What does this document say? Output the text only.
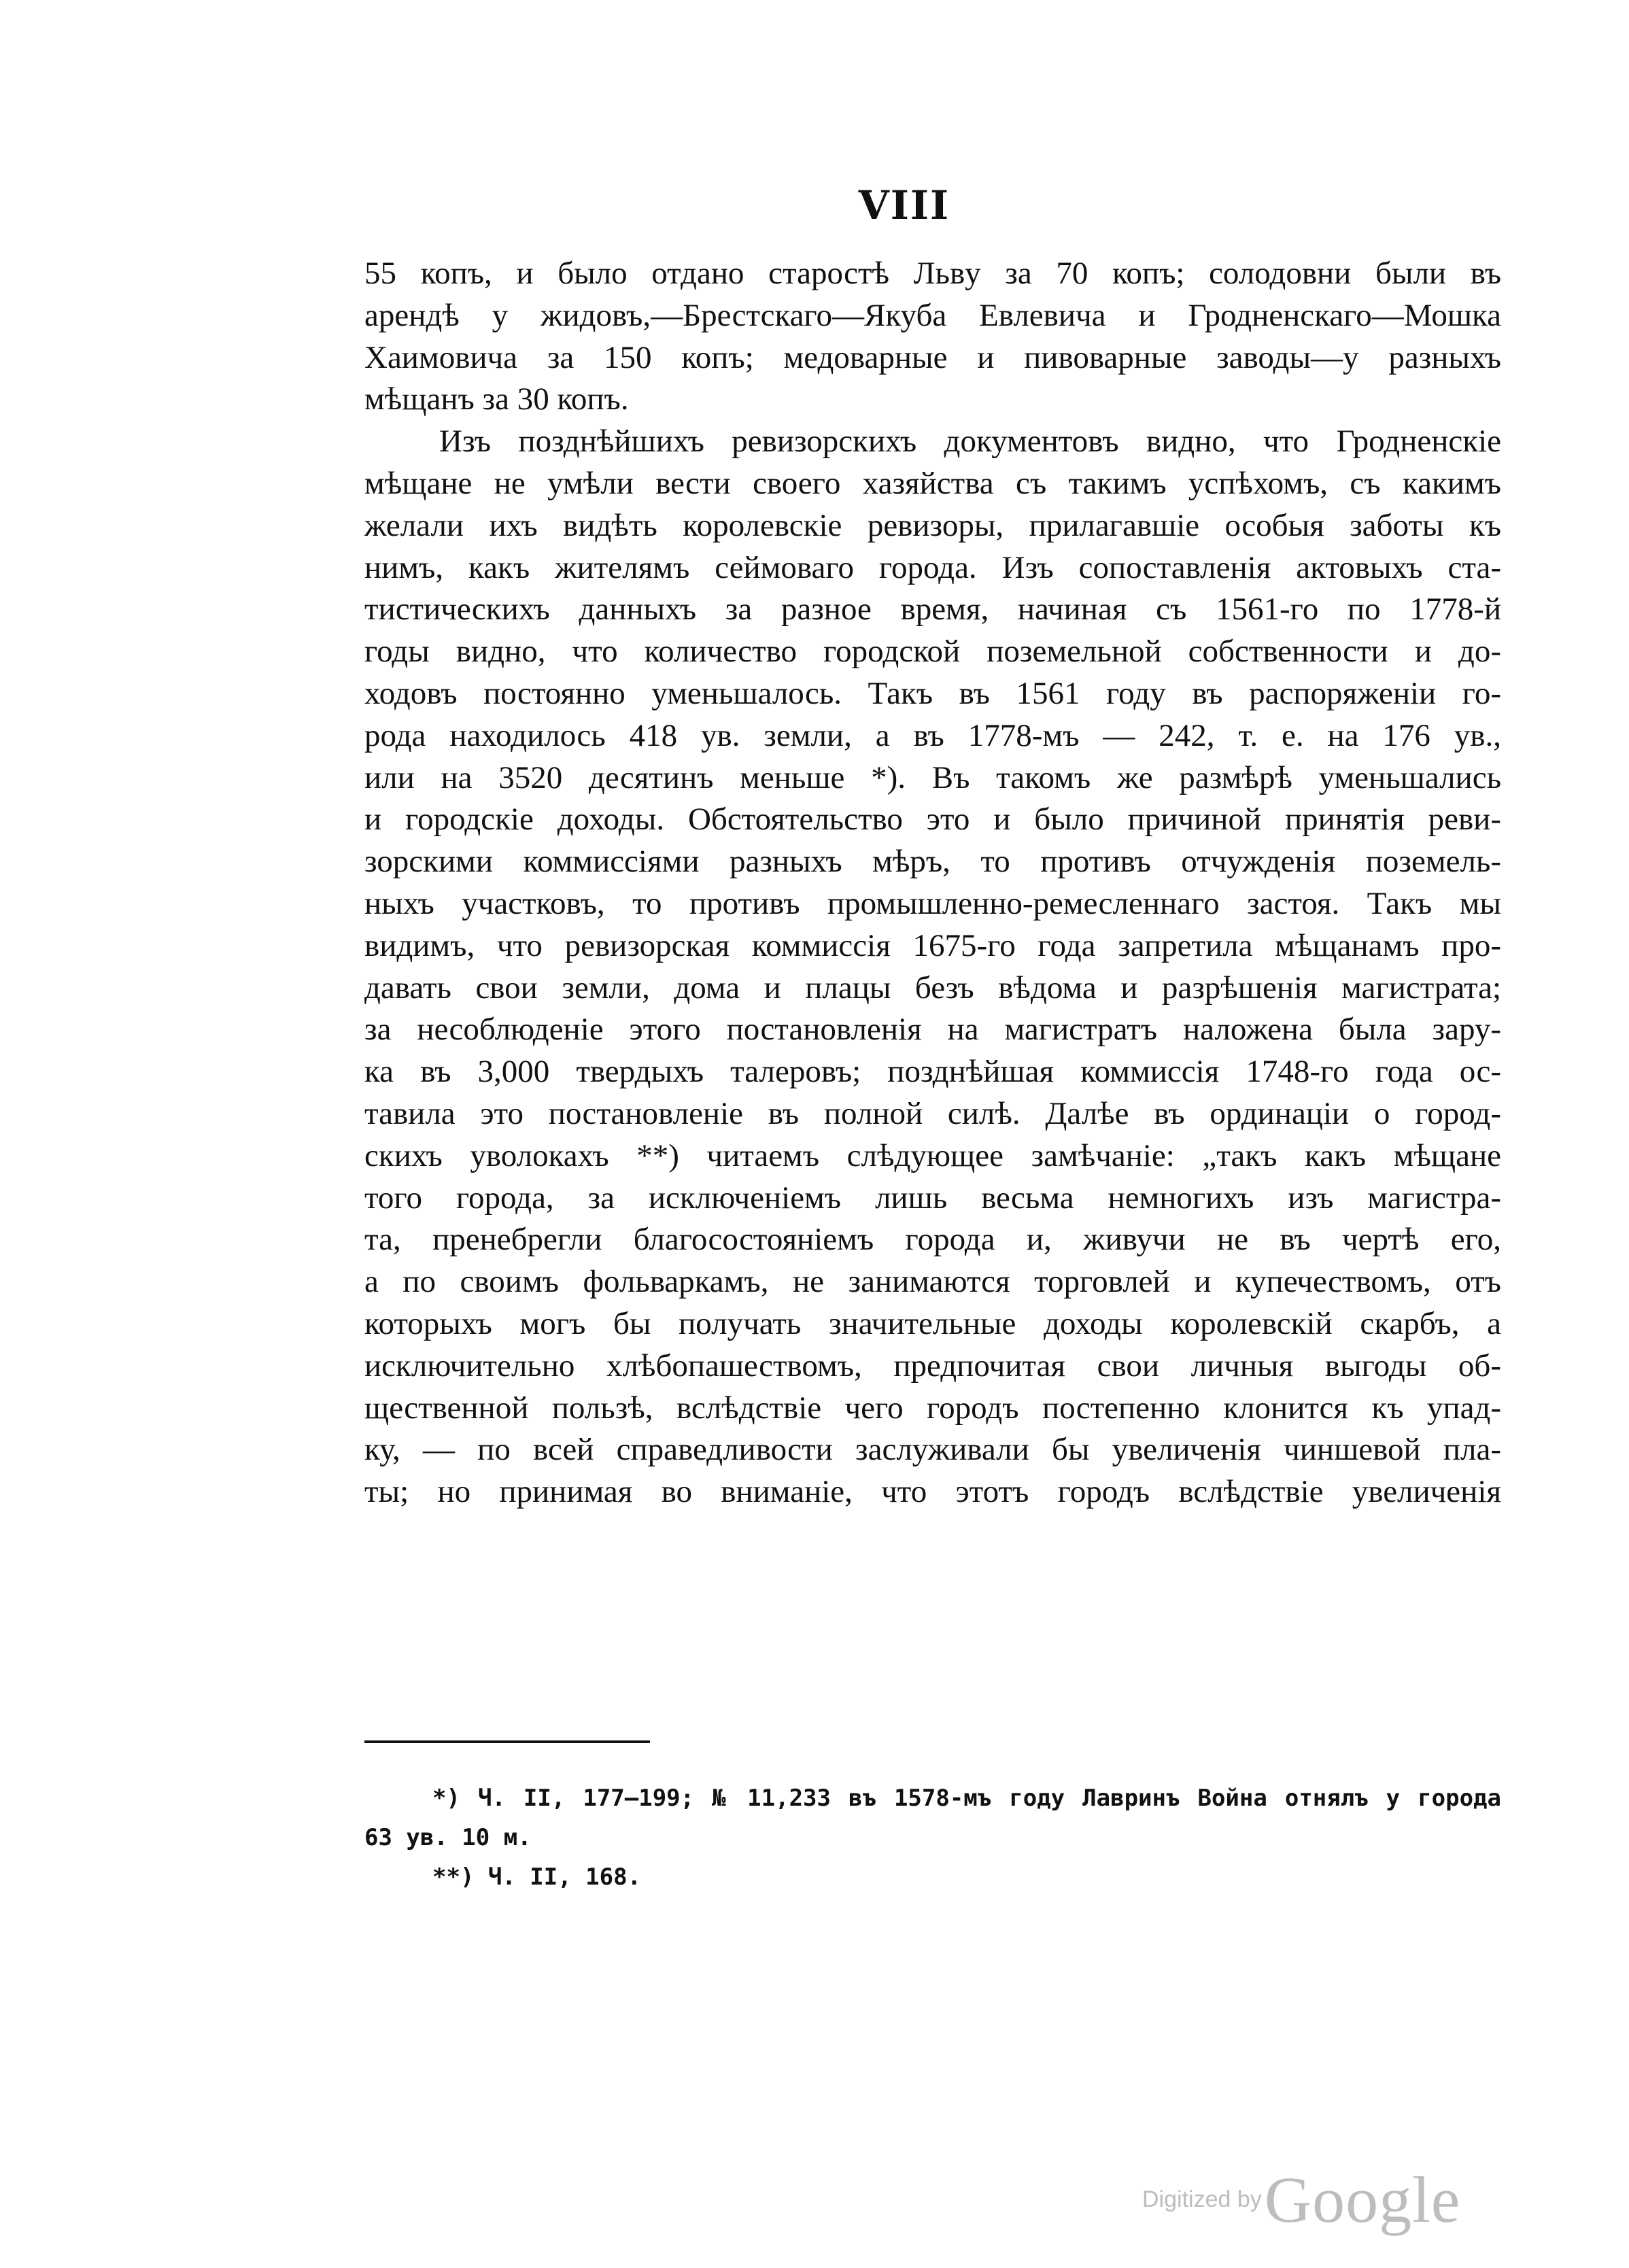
VIII
55 копъ, и было отдано старостѣ Львy за 70 копъ; солодовни были въ
арендѣ у жидовъ,—Брестскаго—Якуба Евлевича и Гродненскаго—Мошка
Хаимовича за 150 копъ; медоварные и пивоварные заводы—у разныхъ
мѣщанъ за 30 копъ.
Изъ позднѣйшихъ ревизорскихъ документовъ видно, что Гродненскiе
мѣщане не умѣли вести своего хазяйства съ такимъ успѣхомъ, съ какимъ
желали ихъ видѣть королевскiе ревизоры, прилагавшiе особыя заботы къ
нимъ, какъ жителямъ сеймоваго города. Изъ сопоставленiя актовыхъ ста-
тистическихъ данныхъ за разное время, начиная съ 1561-го по 1778-й
годы видно, что количество городской поземельной собственности и до-
ходовъ постоянно уменьшалось. Такъ въ 1561 году въ распоряженiи го-
рода находилось 418 ув. земли, а въ 1778-мъ — 242, т. е. на 176 ув.,
или на 3520 десятинъ меньше *). Въ такомъ же размѣрѣ уменьшались
и городскiе доходы. Обстоятельство это и было причиной принятiя реви-
зорскими коммиссiями разныхъ мѣръ, то противъ отчужденiя поземель-
ныхъ участковъ, то противъ промышленно-ремесленнаго застоя. Такъ мы
видимъ, что ревизорская коммиссiя 1675-го года запретила мѣщанамъ про-
давать свои земли, дома и плацы безъ вѣдома и разрѣшенiя магистрата;
за несоблюденiе этого постановленiя на магистратъ наложена была зару-
ка въ 3,000 твердыхъ талеровъ; позднѣйшая коммиссiя 1748-го года ос-
тавила это постановленiе въ полной силѣ. Далѣе въ ординацiи о город-
скихъ уволокахъ **) читаемъ слѣдующее замѣчанiе: „такъ какъ мѣщане
того города, за исключенiемъ лишь весьма немногихъ изъ магистра-
та, пренебрегли благосостоянiемъ города и, живучи не въ чертѣ его,
а по своимъ фольваркамъ, не занимаются торговлей и купечествомъ, отъ
которыхъ могъ бы получать значительные доходы королевскiй скарбъ, а
исключительно хлѣбопашествомъ, предпочитая свои личныя выгоды об-
щественной пользѣ, вслѣдствiе чего городъ постепенно клонится къ упад-
ку, — по всей справедливости заслуживали бы увеличенiя чиншевой пла-
ты; но принимая во вниманiе, что этотъ городъ вслѣдствiе увеличенiя
*) Ч. II, 177—199; № 11,233 въ 1578-мъ году Лавринъ Война отнялъ у города
63 ув. 10 м.
**) Ч. II, 168.
Digitized by Google
